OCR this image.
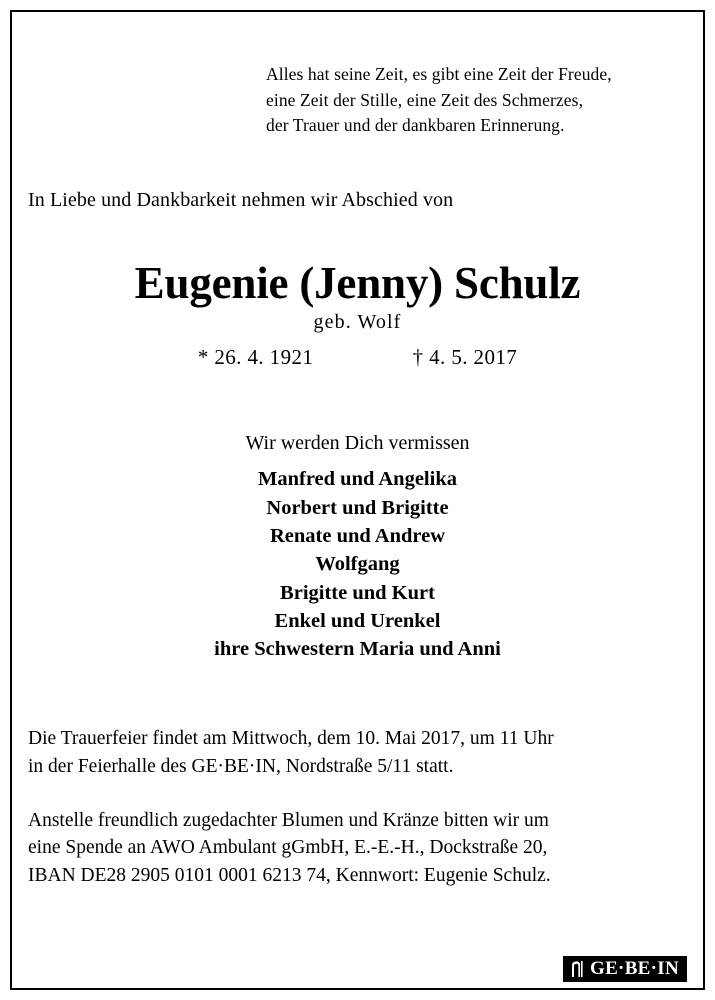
Alles hat seine Zeit, es gibt eine Zeit der Freude,
eine Zeit der Stille, eine Zeit des Schmerzes,
der Trauer und der dankbaren Erinnerung.
In Liebe und Dankbarkeit nehmen wir Abschied von
Eugenie (Jenny) Schulz
geb. Wolf
* 26. 4. 1921	† 4. 5. 2017
Wir werden Dich vermissen
Manfred und Angelika
Norbert und Brigitte
Renate und Andrew
Wolfgang
Brigitte und Kurt
Enkel und Urenkel
ihre Schwestern Maria und Anni
Die Trauerfeier findet am Mittwoch, dem 10. Mai 2017, um 11 Uhr
in der Feierhalle des GE·BE·IN, Nordstraße 5/11 statt.
Anstelle freundlich zugedachter Blumen und Kränze bitten wir um
eine Spende an AWO Ambulant gGmbH, E.-E.-H., Dockstraße 20,
IBAN DE28 2905 0101 0001 6213 74, Kennwort: Eugenie Schulz.
GE·BE·IN
